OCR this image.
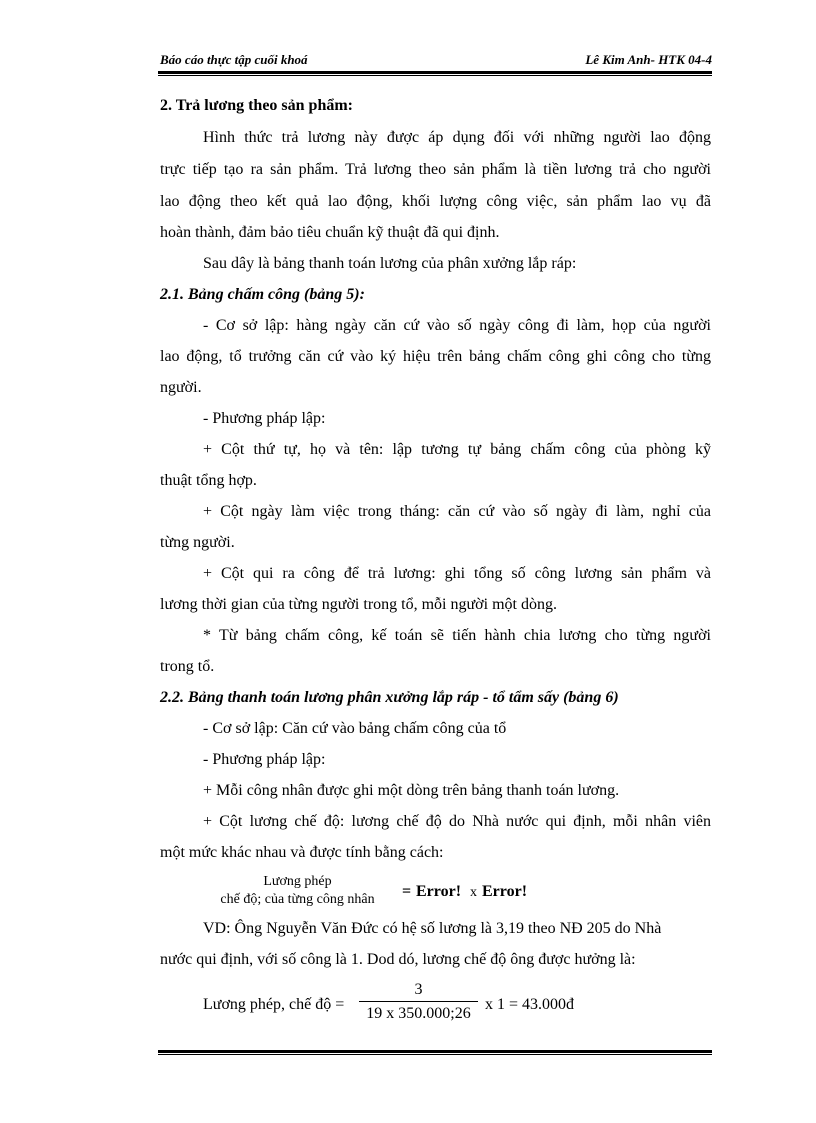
Báo cáo thực tập cuối khoá	Lê Kim Anh- HTK 04-4
2. Trả lương theo sản phẩm:
Hình thức trả lương này được áp dụng đối với những người lao động
trực tiếp tạo ra sản phẩm. Trả lương theo sản phẩm là tiền lương trả cho người
lao động theo kết quả lao động, khối lượng công việc, sản phẩm lao vụ đã
hoàn thành, đảm bảo tiêu chuẩn kỹ thuật đã qui định.
Sau dây là bảng thanh toán lương của phân xưởng lắp ráp:
2.1. Bảng chấm công (bảng 5):
- Cơ sở lập: hàng ngày căn cứ vào số ngày công đi làm, họp của người
lao động, tổ trưởng căn cứ vào ký hiệu trên bảng chấm công ghi công cho từng
người.
- Phương pháp lập:
+ Cột thứ tự, họ và tên: lập tương tự bảng chấm công của phòng kỹ
thuật tổng hợp.
+ Cột ngày làm việc trong tháng: căn cứ vào số ngày đi làm, nghỉ của
từng người.
+ Cột qui ra công để trả lương: ghi tổng số công lương sản phẩm và
lương thời gian của từng người trong tổ, mỗi người một dòng.
* Từ bảng chấm công, kế toán sẽ tiến hành chia lương cho từng người
trong tổ.
2.2. Bảng thanh toán lương phân xưởng lắp ráp - tổ tẩm sấy (bảng 6)
- Cơ sở lập: Căn cứ vào bảng chấm công của tổ
- Phương pháp lập:
+ Mỗi công nhân được ghi một dòng trên bảng thanh toán lương.
+ Cột lương chế độ: lương chế độ do Nhà nước qui định, mỗi nhân viên
một mức khác nhau và được tính bằng cách:
Lương phép
chế độ; của từng công nhân	= Error! x Error!
VD: Ông Nguyễn Văn Đức có hệ số lương là 3,19 theo NĐ 205 do Nhà
nước qui định, với số công là 1. Dod dó, lương chế độ ông được hưởng là:
Lương phép, chế độ =
3
19 x 350.000;26
x 1 = 43.000đ
